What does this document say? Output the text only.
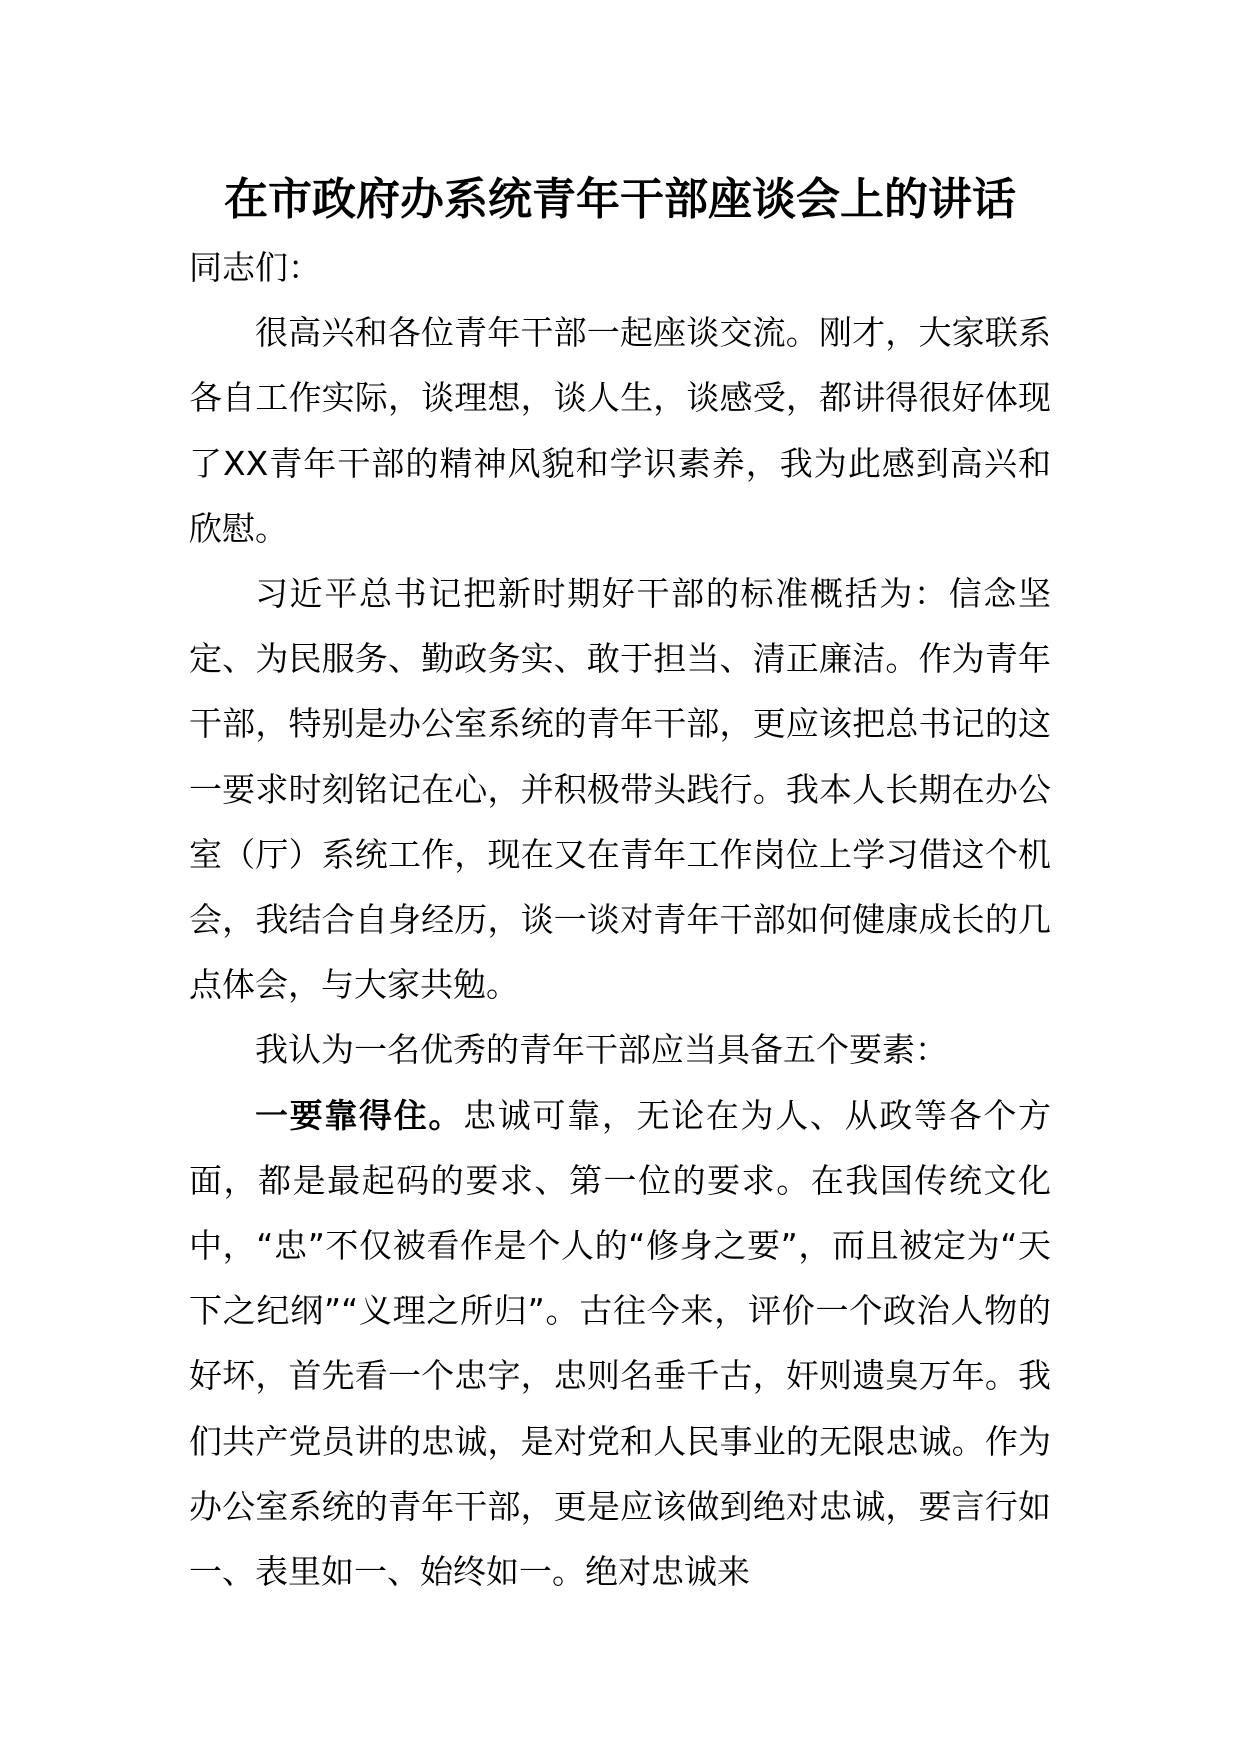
在市政府办系统青年干部座谈会上的讲话

同志们：

很高兴和各位青年干部一起座谈交流。刚才，大家联系各自工作实际，谈理想，谈人生，谈感受，都讲得很好体现了XX青年干部的精神风貌和学识素养，我为此感到高兴和欣慰。

习近平总书记把新时期好干部的标准概括为：信念坚定、为民服务、勤政务实、敢于担当、清正廉洁。作为青年干部，特别是办公室系统的青年干部，更应该把总书记的这一要求时刻铭记在心，并积极带头践行。我本人长期在办公室（厅）系统工作，现在又在青年工作岗位上学习借这个机会，我结合自身经历，谈一谈对青年干部如何健康成长的几点体会，与大家共勉。

我认为一名优秀的青年干部应当具备五个要素：

一要靠得住。忠诚可靠，无论在为人、从政等各个方面，都是最起码的要求、第一位的要求。在我国传统文化中，“忠”不仅被看作是个人的“修身之要”，而且被定为“天下之纪纲”“义理之所归”。古往今来，评价一个政治人物的好坏，首先看一个忠字，忠则名垂千古，奸则遗臭万年。我们共产党员讲的忠诚，是对党和人民事业的无限忠诚。作为办公室系统的青年干部，更是应该做到绝对忠诚，要言行如一、表里如一、始终如一。绝对忠诚来
